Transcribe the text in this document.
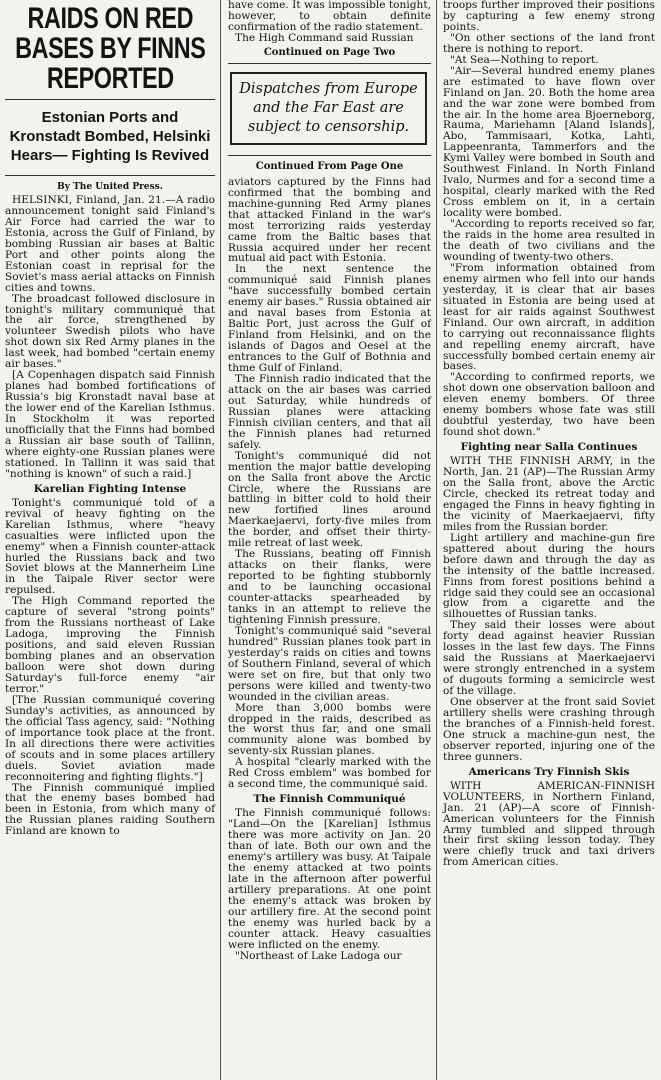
RAIDS ON RED BASES BY FINNS REPORTED
Estonian Ports and Kronstadt Bombed, Helsinki Hears— Fighting Is Revived
By The United Press.

HELSINKI, Finland, Jan. 21.—A radio announcement tonight said Finland's Air Force had carried the war to Estonia, across the Gulf of Finland, by bombing Russian air bases at Baltic Port and other points along the Estonian coast in reprisal for the Soviet's mass aerial attacks on Finnish cities and towns.

The broadcast followed disclosure in tonight's military communiqué that the air force, strengthened by volunteer Swedish pilots who have shot down six Red Army planes in the last week, had bombed "certain enemy air bases."

[A Copenhagen dispatch said Finnish planes had bombed fortifications of Russia's big Kronstadt naval base at the lower end of the Karelian Isthmus. In Stockholm it was reported unofficially that the Finns had bombed a Russian air base south of Tallinn, where eighty-one Russian planes were stationed. In Tallinn it was said that "nothing is known" of such a raid.]

Karelian Fighting Intense

Tonight's communiqué told of a revival of heavy fighting on the Karelian Isthmus, where "heavy casualties were inflicted upon the enemy" when a Finnish counter-attack hurled the Russians back and two Soviet blows at the Mannerheim Line in the Taipale River sector were repulsed.

The High Command reported the capture of several "strong points" from the Russians northeast of Lake Ladoga, improving the Finnish positions, and said eleven Russian bombing planes and an observation balloon were shot down during Saturday's full-force enemy "air terror."

[The Russian communiqué covering Sunday's activities, as announced by the official Tass agency, said: "Nothing of importance took place at the front. In all directions there were activities of scouts and in some places artillery duels. Soviet aviation made reconnoitering and fighting flights."]

The Finnish communiqué implied that the enemy bases bombed had been in Estonia, from which many of the Russian planes raiding Southern Finland are known to

have come. It was impossible tonight, however, to obtain definite confirmation of the radio statement.

The High Command said Russian

Continued on Page Two
Dispatches from Europe and the Far East are subject to censorship.
Continued From Page One

aviators captured by the Finns had confirmed that the bombing and machine-gunning Red Army planes that attacked Finland in the war's most terrorizing raids yesterday came from the Baltic bases that Russia acquired under her recent mutual aid pact with Estonia.

In the next sentence the communiqué said Finnish planes "have successfully bombed certain enemy air bases." Russia obtained air and naval bases from Estonia at Baltic Port, just across the Gulf of Finland from Helsinki, and on the islands of Dagos and Oesel at the entrances to the Gulf of Bothnia and thme Gulf of Finland.

The Finnish radio indicated that the attack on the air bases was carried out Saturday, while hundreds of Russian planes were attacking Finnish civilian centers, and that all the Finnish planes had returned safely.

Tonight's communiqué did not mention the major battle developing on the Salla front above the Arctic Circle, where the Russians are battling in bitter cold to hold their new fortified lines around Maerkaejaervi, forty-five miles from the border, and offset their thirty-mile retreat of last week.

The Russians, beating off Finnish attacks on their flanks, were reported to be fighting stubbornly and to be launching occasional counter-attacks spearheaded by tanks in an attempt to relieve the tightening Finnish pressure.

Tonight's communiqué said "several hundred" Russian planes took part in yesterday's raids on cities and towns of Southern Finland, several of which were set on fire, but that only two persons were killed and twenty-two wounded in the civilian areas.

More than 3,000 bombs were dropped in the raids, described as the worst thus far, and one small community alone was bombed by seventy-six Russian planes.

A hospital "clearly marked with the Red Cross emblem" was bombed for a second time, the communiqué said.

The Finnish Communiqué

The Finnish communiqué follows: "Land—On the [Karelian] Isthmus there was more activity on Jan. 20 than of late. Both our own and the enemy's artillery was busy. At Taipale the enemy attacked at two points late in the afternoon after powerful artillery preparations. At one point the enemy's attack was broken by our artillery fire. At the second point the enemy was hurled back by a counter attack. Heavy casualties were inflicted on the enemy.

"Northeast of Lake Ladoga our

troops further improved their positions by capturing a few enemy strong points.

"On other sections of the land front there is nothing to report.

"At Sea—Nothing to report.

"Air—Several hundred enemy planes are estimated to have flown over Finland on Jan. 20. Both the home area and the war zone were bombed from the air. In the home area Bjoerneborg, Rauma, Mariehamn [Aland Islands], Abo, Tammisaari, Kotka, Lahti, Lappeenranta, Tammerfors and the Kymi Valley were bombed in South and Southwest Finland. In North Finland Ivalo, Nurmes and for a second time a hospital, clearly marked with the Red Cross emblem on it, in a certain locality were bombed.

"According to reports received so far, the raids in the home area resulted in the death of two civilians and the wounding of twenty-two others.

"From information obtained from enemy airmen who fell into our hands yesterday, it is clear that air bases situated in Estonia are being used at least for air raids against Southwest Finland. Our own aircraft, in addition to carrying out reconnaissance flights and repelling enemy aircraft, have successfully bombed certain enemy air bases.

"According to confirmed reports, we shot down one observation balloon and eleven enemy bombers. Of three enemy bombers whose fate was still doubtful yesterday, two have been found shot down."

Fighting near Salla Continues

WITH THE FINNISH ARMY, in the North, Jan. 21 (AP)—The Russian Army on the Salla front, above the Arctic Circle, checked its retreat today and engaged the Finns in heavy fighting in the vicinity of Maerkaejaervi, fifty miles from the Russian border.

Light artillery and machine-gun fire spattered about during the hours before dawn and through the day as the intensity of the battle increased. Finns from forest positions behind a ridge said they could see an occasional glow from a cigarette and the silhouettes of Russian tanks.

They said their losses were about forty dead against heavier Russian losses in the last few days. The Finns said the Russians at Maerkaejaervi were strongly entrenched in a system of dugouts forming a semicircle west of the village.

One observer at the front said Soviet artillery shells were crashing through the branches of a Finnish-held forest. One struck a machine-gun nest, the observer reported, injuring one of the three gunners.

Americans Try Finnish Skis

WITH AMERICAN-FINNISH VOLUNTEERS, in Northern Finland, Jan. 21 (AP)—A score of Finnish-American volunteers for the Finnish Army tumbled and slipped through their first skiing lesson today. They were chiefly truck and taxi drivers from American cities.
